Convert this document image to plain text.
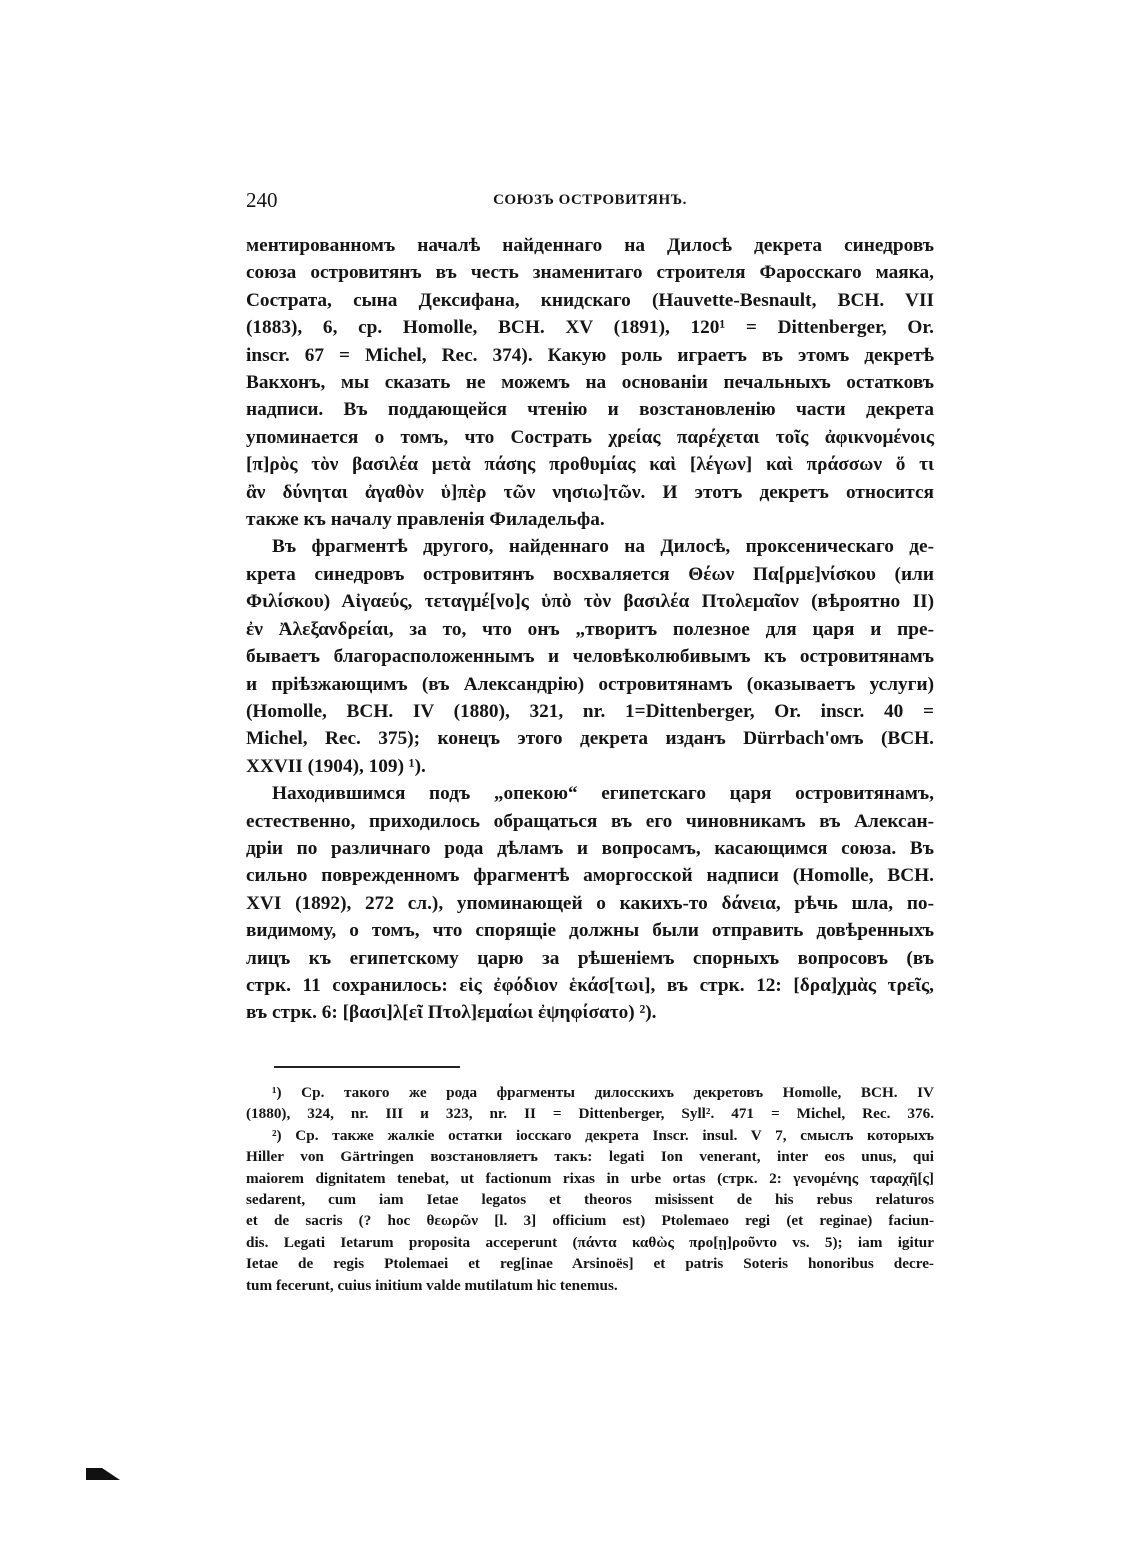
240	СОЮЗЪ ОСТРОВИТЯНЪ.
ментированномъ началѣ найденнаго на Дилосѣ декрета синедровъ
союза островитянъ въ честь знаменитаго строителя Фаросскаго маяка,
Сострата, сына Дексифана, книдскаго (Hauvette-Besnault, BCH. VII
(1883), 6, ср. Homolle, BCH. XV (1891), 120¹ = Dittenberger, Or.
inscr. 67 = Michel, Rec. 374). Какую роль играетъ въ этомъ декретѣ
Вакхонъ, мы сказать не можемъ на основаніи печальныхъ остатковъ
надписи. Въ поддающейся чтенію и возстановленію части декрета
упоминается о томъ, что Сострать χρείας παρέχεται τοῖς ἀφικνομένοις
[π]ρὸς τὸν βασιλέα μετὰ πάσης προθυμίας καὶ [λέγων] καὶ πράσσων ὅ τι
ἂν δύνηται ἀγαθὸν ὑ]πὲρ τῶν νησιω]τῶν. И этотъ декретъ относится
также къ началу правленія Филадельфа.
Въ фрагментѣ другого, найденнаго на Дилосѣ, проксеническаго де-
крета синедровъ островитянъ восхваляется Θέων Πα[ρμε]νίσκου (или
Φιλίσκου) Αἰγαεύς, τεταγμέ[νο]ς ὑπὸ τὸν βασιλέα Πτολεμαῖον (вѣроятно II)
ἐν Ἀλεξανδρείαι, за то, что онъ „творитъ полезное для царя и пре-
бываетъ благорасположеннымъ и человѣколюбивымъ къ островитянамъ
и пріѣзжающимъ (въ Александрію) островитянамъ (оказываетъ услуги)
(Homolle, BCH. IV (1880), 321, nr. 1=Dittenberger, Or. inscr. 40 =
Michel, Rec. 375); конецъ этого декрета изданъ Dürrbach'омъ (BCH.
XXVII (1904), 109) ¹).
Находившимся подъ „опекою“ египетскаго царя островитянамъ,
естественно, приходилось обращаться въ его чиновникамъ въ Алексан-
дріи по различнаго рода дѣламъ и вопросамъ, касающимся союза. Въ
сильно поврежденномъ фрагментѣ аморгосской надписи (Homolle, BCH.
XVI (1892), 272 сл.), упоминающей о какихъ-то δάνεια, рѣчь шла, по-
видимому, о томъ, что спорящіе должны были отправить довѣренныхъ
лицъ къ египетскому царю за рѣшеніемъ спорныхъ вопросовъ (въ
стрк. 11 сохранилось: εἰς ἐφόδιον ἑκάσ[τωι], въ стрк. 12: [δρα]χμὰς τρεῖς,
въ стрк. 6: [βασι]λ[εῖ Πτολ]εμαίωι ἐψηφίσατο) ²).
¹) Ср. такого же рода фрагменты дилосскихъ декретовъ Homolle, BCH. IV
(1880), 324, nr. III и 323, nr. II = Dittenberger, Syll². 471 = Michel, Rec. 376.
²) Ср. также жалкіе остатки іосскаго декрета Inscr. insul. V 7, смыслъ которыхъ
Hiller von Gärtringen возстановляетъ такъ: legati Ion venerant, inter eos unus, qui
maiorem dignitatem tenebat, ut factionum rixas in urbe ortas (стрк. 2: γενομένης ταραχῆ[ς]
sedarent, cum iam Ietae legatos et theoros misissent de his rebus relaturos
et de sacris (? hoc θεωρῶν [l. 3] officium est) Ptolemaeo regi (et reginae) faciun-
dis. Legati Ietarum proposita acceperunt (πάντα καθὼς προ[ῃ]ροῦντο vs. 5); iam igitur
Ietae de regis Ptolemaei et reg[inae Arsinoës] et patris Soteris honoribus decre-
tum fecerunt, cuius initium valde mutilatum hic tenemus.
